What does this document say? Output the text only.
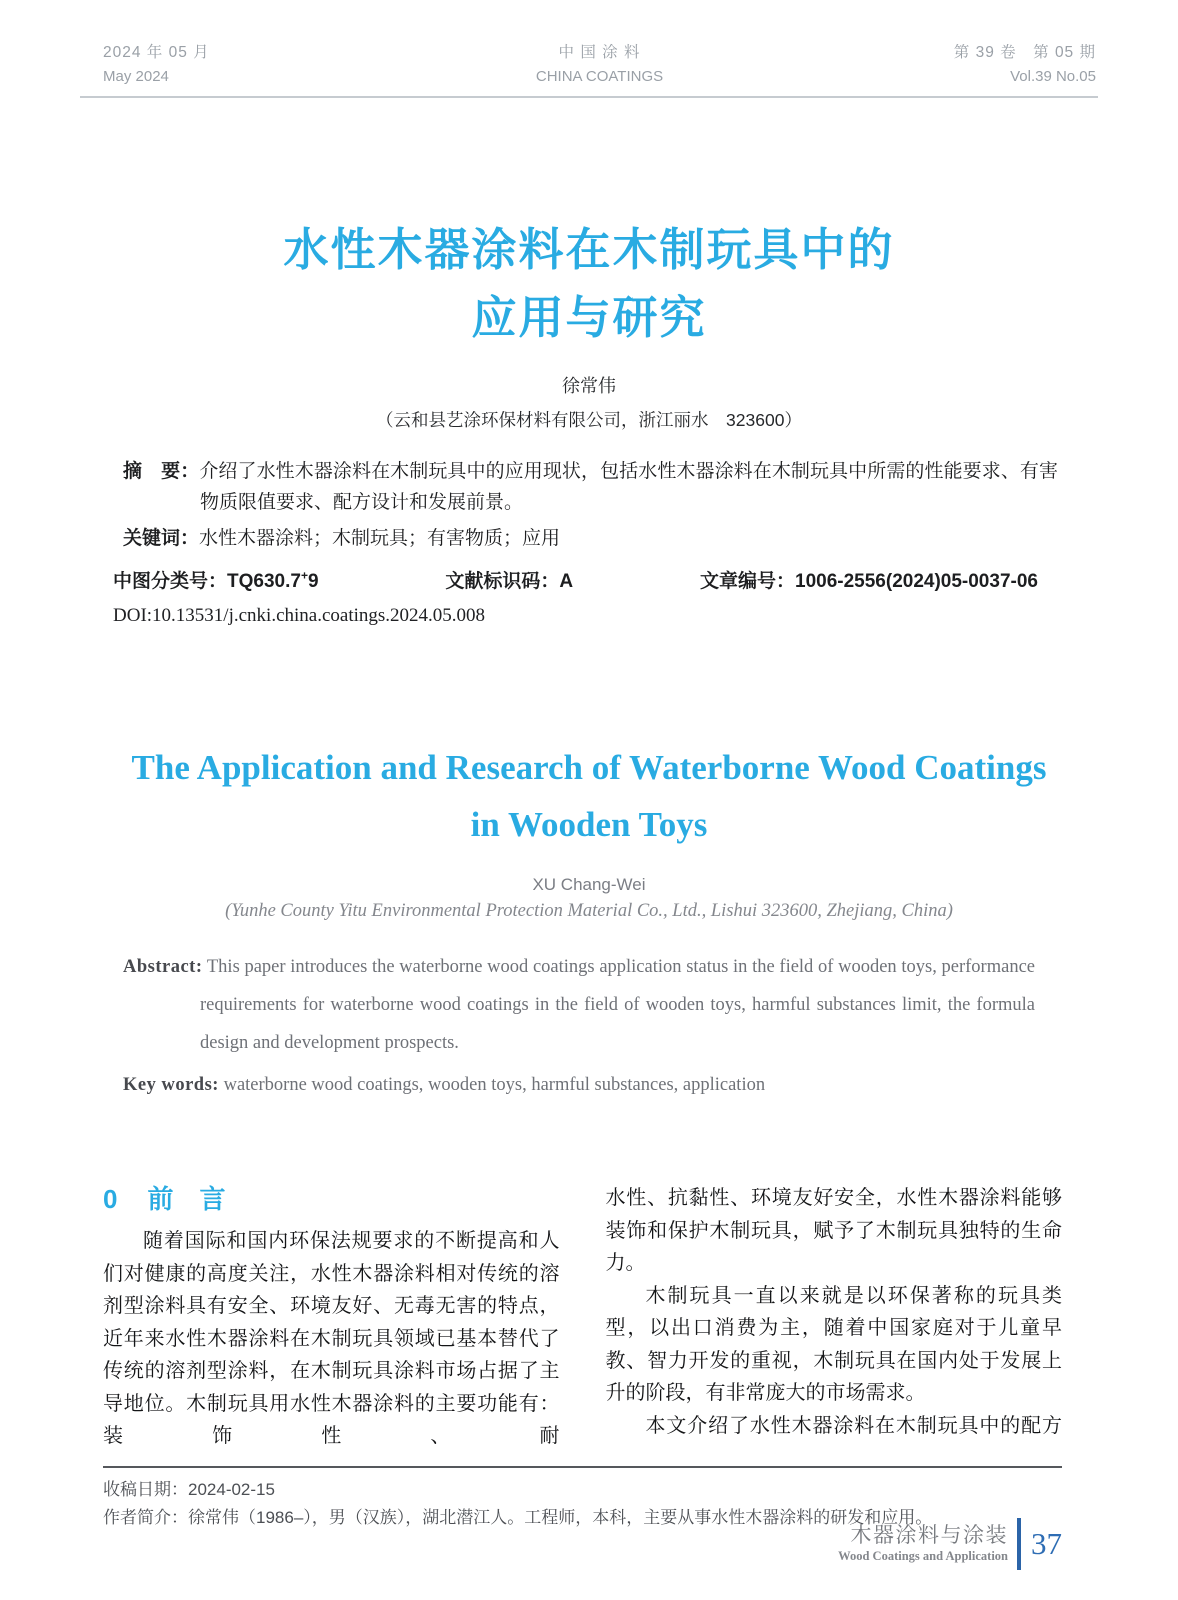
2024 年 05 月
May 2024
中 国 涂 料
CHINA COATINGS
第 39 卷　第 05 期
Vol.39 No.05
水性木器涂料在木制玩具中的
应用与研究
徐常伟
（云和县艺涂环保材料有限公司，浙江丽水　323600）
摘　要：介绍了水性木器涂料在木制玩具中的应用现状，包括水性木器涂料在木制玩具中所需的性能要求、有害物质限值要求、配方设计和发展前景。
关键词：水性木器涂料；木制玩具；有害物质；应用
中图分类号：TQ630.7+9	文献标识码：A	文章编号：1006-2556(2024)05-0037-06
DOI:10.13531/j.cnki.china.coatings.2024.05.008
The Application and Research of Waterborne Wood Coatings
in Wooden Toys
XU Chang-Wei
(Yunhe County Yitu Environmental Protection Material Co., Ltd., Lishui 323600, Zhejiang, China)
Abstract: This paper introduces the waterborne wood coatings application status in the field of wooden toys, performance requirements for waterborne wood coatings in the field of wooden toys, harmful substances limit, the formula design and development prospects.
Key words: waterborne wood coatings, wooden toys, harmful substances, application
0 前　言

随着国际和国内环保法规要求的不断提高和人们对健康的高度关注，水性木器涂料相对传统的溶剂型涂料具有安全、环境友好、无毒无害的特点，近年来水性木器涂料在木制玩具领域已基本替代了传统的溶剂型涂料，在木制玩具涂料市场占据了主导地位。木制玩具用水性木器涂料的主要功能有：装饰性、耐

水性、抗黏性、环境友好安全，水性木器涂料能够装饰和保护木制玩具，赋予了木制玩具独特的生命力。

木制玩具一直以来就是以环保著称的玩具类型，以出口消费为主，随着中国家庭对于儿童早教、智力开发的重视，木制玩具在国内处于发展上升的阶段，有非常庞大的市场需求。

本文介绍了水性木器涂料在木制玩具中的配方

收稿日期：2024-02-15
作者简介：徐常伟（1986–），男（汉族），湖北潜江人。工程师，本科，主要从事水性木器涂料的研发和应用。
木器涂料与涂装
Wood Coatings and Application 37
